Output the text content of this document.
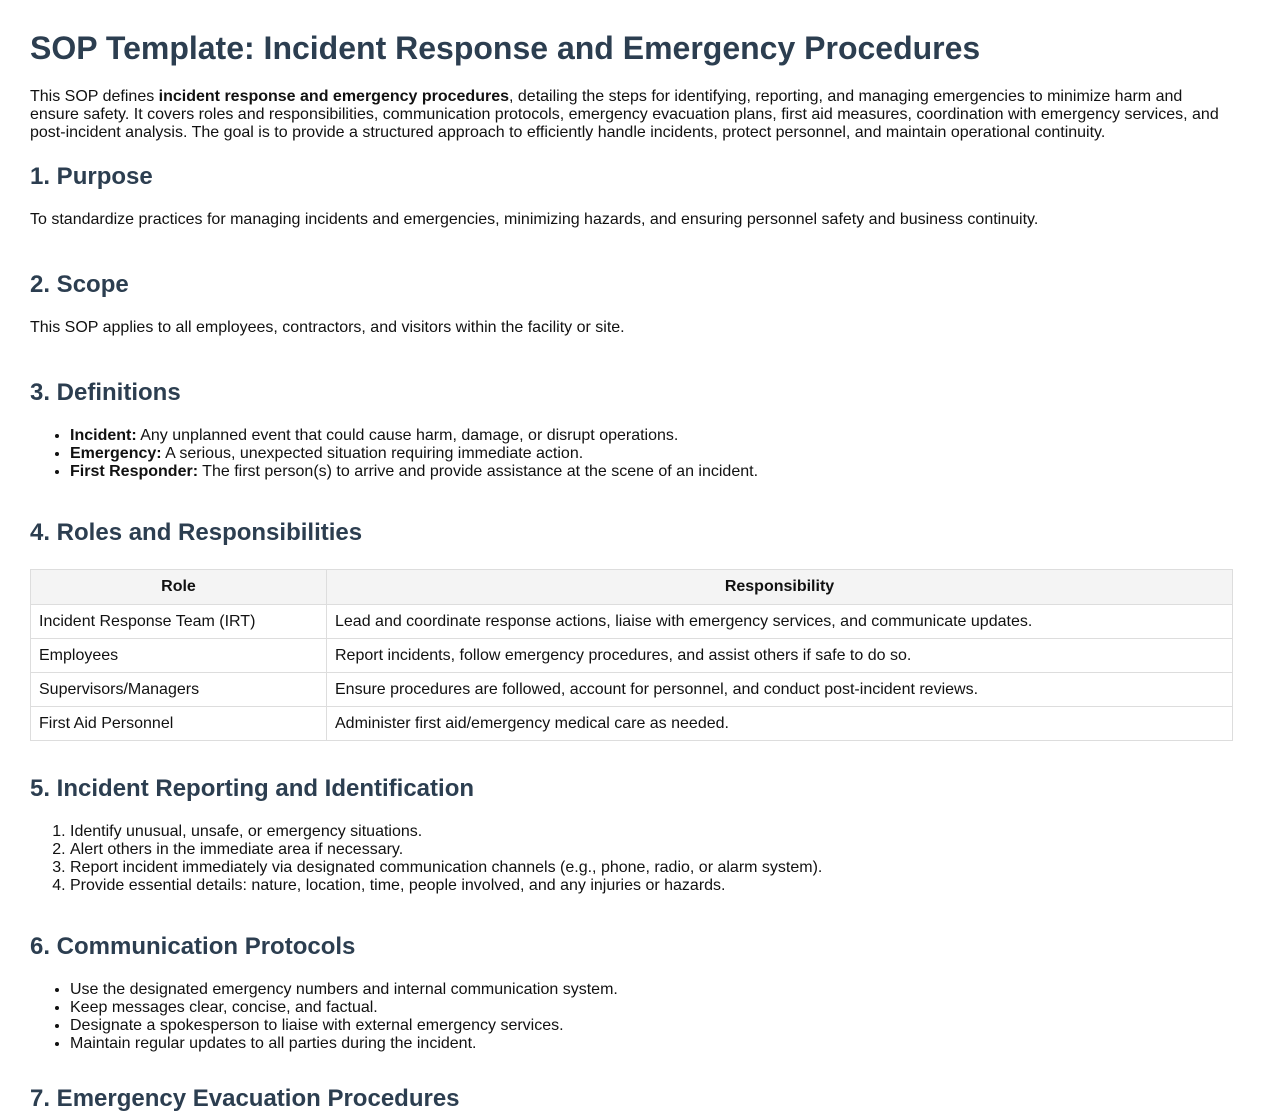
SOP Template: Incident Response and Emergency Procedures

This SOP defines incident response and emergency procedures, detailing the steps for identifying, reporting, and managing emergencies to minimize harm and ensure safety. It covers roles and responsibilities, communication protocols, emergency evacuation plans, first aid measures, coordination with emergency services, and post-incident analysis. The goal is to provide a structured approach to efficiently handle incidents, protect personnel, and maintain operational continuity.

1. Purpose

To standardize practices for managing incidents and emergencies, minimizing hazards, and ensuring personnel safety and business continuity.

2. Scope

This SOP applies to all employees, contractors, and visitors within the facility or site.

3. Definitions
• Incident: Any unplanned event that could cause harm, damage, or disrupt operations.
• Emergency: A serious, unexpected situation requiring immediate action.
• First Responder: The first person(s) to arrive and provide assistance at the scene of an incident.
4. Roles and Responsibilities
Role	Responsibility
Incident Response Team (IRT)	Lead and coordinate response actions, liaise with emergency services, and communicate updates.
Employees	Report incidents, follow emergency procedures, and assist others if safe to do so.
Supervisors/Managers	Ensure procedures are followed, account for personnel, and conduct post-incident reviews.
First Aid Personnel	Administer first aid/emergency medical care as needed.
5. Incident Reporting and Identification
1. Identify unusual, unsafe, or emergency situations.
2. Alert others in the immediate area if necessary.
3. Report incident immediately via designated communication channels (e.g., phone, radio, or alarm system).
4. Provide essential details: nature, location, time, people involved, and any injuries or hazards.
6. Communication Protocols
• Use the designated emergency numbers and internal communication system.
• Keep messages clear, concise, and factual.
• Designate a spokesperson to liaise with external emergency services.
• Maintain regular updates to all parties during the incident.
7. Emergency Evacuation Procedures
